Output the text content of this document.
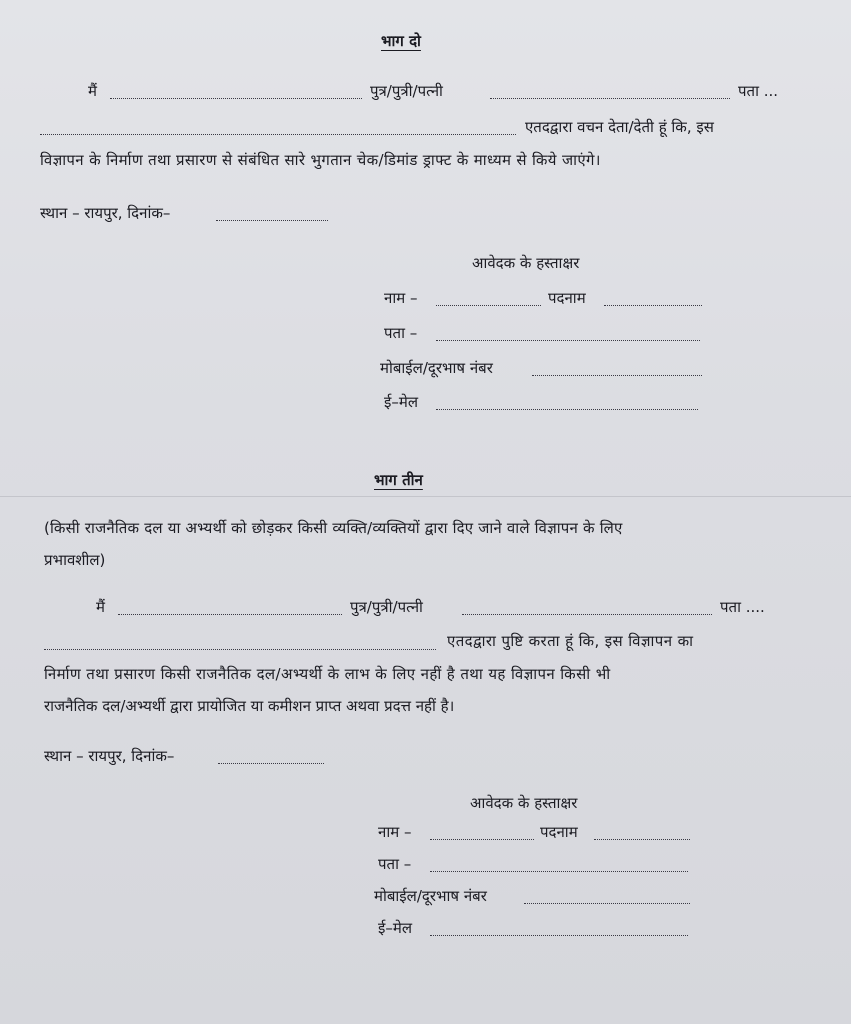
भाग दो
मैं	पुत्र/पुत्री/पत्नी	पता ...
एतदद्वारा वचन देता/देती हूं कि, इस
विज्ञापन के निर्माण तथा प्रसारण से संबंधित सारे भुगतान चेक/डिमांड ड्राफ्ट के माध्यम से किये जाएंगे।
स्थान – रायपुर, दिनांक–
आवेदक के हस्ताक्षर
नाम –	पदनाम
पता –
मोबाईल/दूरभाष नंबर
ई–मेल
भाग तीन
(किसी राजनैतिक दल या अभ्यर्थी को छोड़कर किसी व्यक्ति/व्यक्तियों द्वारा दिए जाने वाले विज्ञापन के लिए
प्रभावशील)
मैं	पुत्र/पुत्री/पत्नी	पता ....
एतदद्वारा पुष्टि करता हूं कि, इस विज्ञापन का
निर्माण तथा प्रसारण किसी राजनैतिक दल/अभ्यर्थी के लाभ के लिए नहीं है तथा यह विज्ञापन किसी भी
राजनैतिक दल/अभ्यर्थी द्वारा प्रायोजित या कमीशन प्राप्त अथवा प्रदत्त नहीं है।
स्थान – रायपुर, दिनांक–
आवेदक के हस्ताक्षर
नाम –	पदनाम
पता –
मोबाईल/दूरभाष नंबर
ई–मेल
